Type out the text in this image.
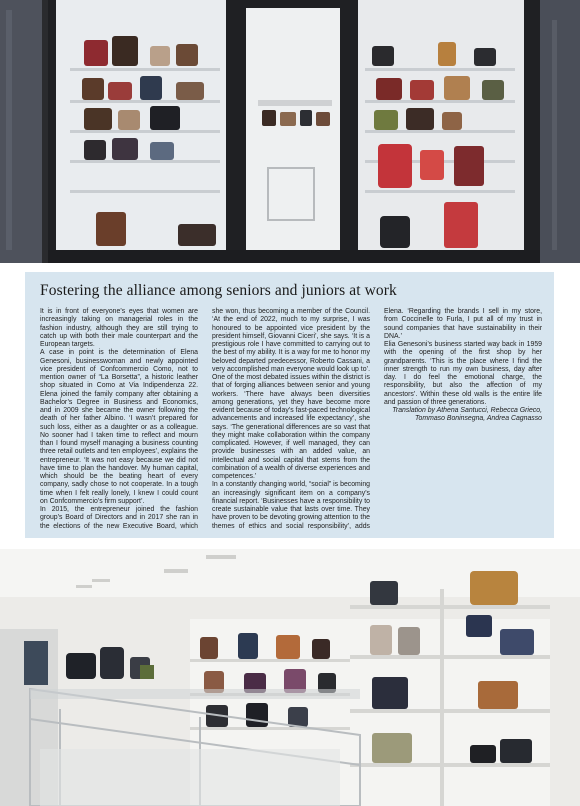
Fostering the alliance among seniors and juniors at work

It is in front of everyone’s eyes that women are increasingly taking on managerial roles in the fashion industry, although they are still trying to catch up with both their male counterpart and the European targets.

A case in point is the determination of Elena Genesoni, businesswoman and newly appointed vice president of Confcommercio Como, not to mention owner of “La Borsetta”, a historic leather shop situated in Como at Via Indipendenza 22. Elena joined the family company after obtaining a Bachelor’s Degree in Business and Economics, and in 2009 she became the owner following the death of her father Albino. ‘I wasn’t prepared for such loss, either as a daughter or as a colleague. No sooner had I taken time to reflect and mourn than I found myself managing a business counting three retail outlets and ten employees’, explains the entrepreneur. ‘It was not easy because we did not have time to plan the handover. My human capital, which should be the beating heart of every company, sadly chose to not cooperate. In a tough time when I felt really lonely, I knew I could count on Confcommercio’s firm support’.

In 2015, the entrepreneur joined the fashion group’s Board of Directors and in 2017 she ran in the elections of the new Executive Board, which she won, thus becoming a member of the Council. ‘At the end of 2022, much to my surprise, I was honoured to be appointed vice president by the president himself, Giovanni Ciceri’, she says. ‘It is a prestigious role I have committed to carrying out to the best of my ability. It is a way for me to honor my beloved departed predecessor, Roberto Cassani, a very accomplished man everyone would look up to’. One of the most debated issues within the district is that of forging alliances between senior and young workers. ‘There have always been diversities among generations, yet they have become more evident because of today’s fast-paced technological advancements and increased life expectancy’, she says. ‘The generational differences are so vast that they might make collaboration within the company complicated. However, if well managed, they can provide businesses with an added value, an intellectual and social capital that stems from the combination of a wealth of diverse experiences and competences.’

In a constantly changing world, “social” is becoming an increasingly significant item on a company’s financial report. ‘Businesses have a responsibility to create sustainable value that lasts over time. They have proven to be devoting growing attention to the themes of ethics and social responsibility’, adds Elena. ‘Regarding the brands I sell in my store, from Coccinelle to Furla, I put all of my trust in sound companies that have sustainability in their DNA.’

Elia Genesoni’s business started way back in 1959 with the opening of the first shop by her grandparents. ‘This is the place where I find the inner strength to run my own business, day after day. I do feel the emotional charge, the responsibility, but also the affection of my ancestors’. Within these old walls is the entire life and passion of three generations.

Translation by Athena Santucci, Rebecca Grieco,
Tommaso Boninsegna, Andrea Cagnasso
